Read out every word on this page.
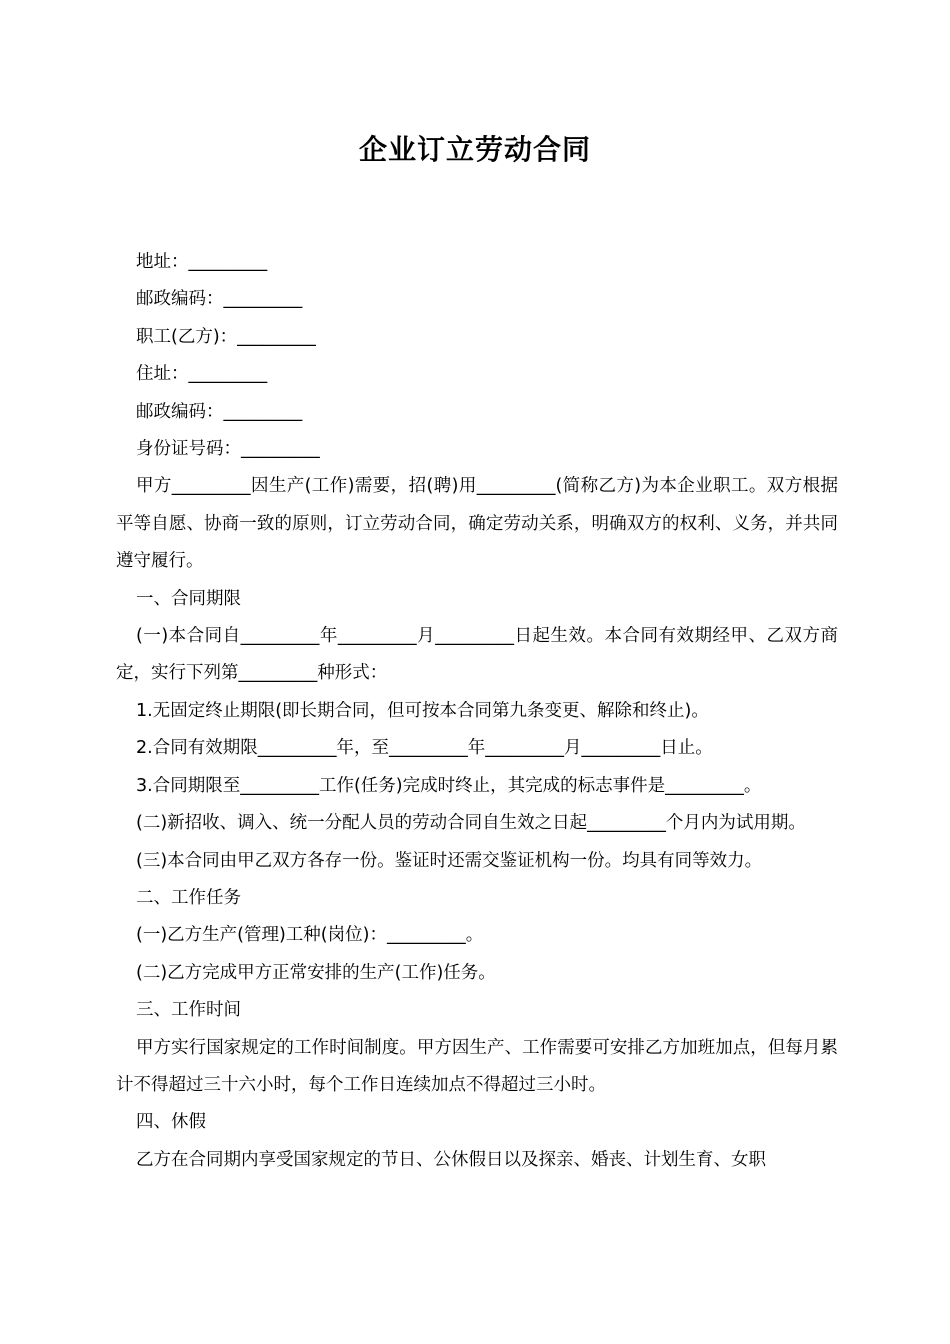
企业订立劳动合同

地址：_________

邮政编码：_________

职工(乙方)：_________

住址：_________

邮政编码：_________

身份证号码：_________

甲方_________因生产(工作)需要，招(聘)用_________(简称乙方)为本企业职工。双方根据平等自愿、协商一致的原则，订立劳动合同，确定劳动关系，明确双方的权利、义务，并共同遵守履行。

一、合同期限

(一)本合同自_________年_________月_________日起生效。本合同有效期经甲、乙双方商定，实行下列第_________种形式：

1.无固定终止期限(即长期合同，但可按本合同第九条变更、解除和终止)。

2.合同有效期限_________年，至_________年_________月_________日止。

3.合同期限至_________工作(任务)完成时终止，其完成的标志事件是_________。

(二)新招收、调入、统一分配人员的劳动合同自生效之日起_________个月内为试用期。

(三)本合同由甲乙双方各存一份。鉴证时还需交鉴证机构一份。均具有同等效力。

二、工作任务

(一)乙方生产(管理)工种(岗位)：_________。

(二)乙方完成甲方正常安排的生产(工作)任务。

三、工作时间

甲方实行国家规定的工作时间制度。甲方因生产、工作需要可安排乙方加班加点，但每月累计不得超过三十六小时，每个工作日连续加点不得超过三小时。

四、休假

乙方在合同期内享受国家规定的节日、公休假日以及探亲、婚丧、计划生育、女职
